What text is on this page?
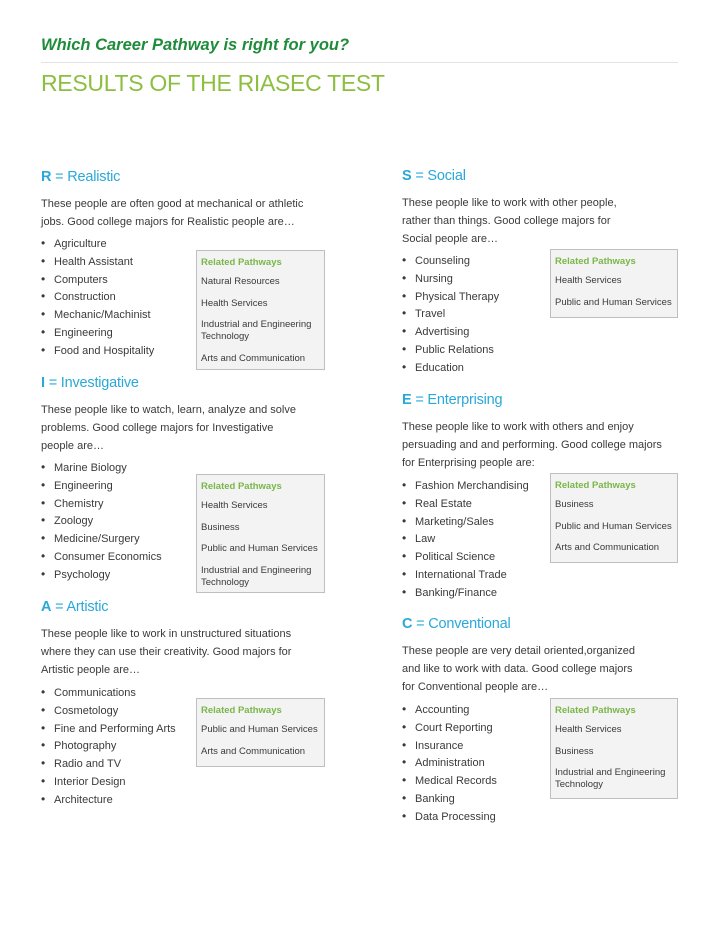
Which Career Pathway is right for you?
RESULTS OF THE RIASEC TEST
R = Realistic

These people are often good at mechanical or athletic
jobs. Good college majors for Realistic people are…

• Agriculture
• Health Assistant
• Computers
• Construction
• Mechanic/Machinist
• Engineering
• Food and Hospitality
Related Pathways
Natural Resources
Health Services
Industrial and Engineering Technology
Arts and Communication
I = Investigative

These people like to watch, learn, analyze and solve
problems. Good college majors for Investigative
people are…

• Marine Biology
• Engineering
• Chemistry
• Zoology
• Medicine/Surgery
• Consumer Economics
• Psychology
Related Pathways
Health Services
Business
Public and Human Services
Industrial and Engineering Technology
A = Artistic

These people like to work in unstructured situations
where they can use their creativity. Good majors for
Artistic people are…

• Communications
• Cosmetology
• Fine and Performing Arts
• Photography
• Radio and TV
• Interior Design
• Architecture
Related Pathways
Public and Human Services
Arts and Communication
S = Social

These people like to work with other people,
rather than things. Good college majors for
Social people are…

• Counseling
• Nursing
• Physical Therapy
• Travel
• Advertising
• Public Relations
• Education
Related Pathways
Health Services
Public and Human Services
E = Enterprising

These people like to work with others and enjoy
persuading and and performing. Good college majors
for Enterprising people are:

• Fashion Merchandising
• Real Estate
• Marketing/Sales
• Law
• Political Science
• International Trade
• Banking/Finance
Related Pathways
Business
Public and Human Services
Arts and Communication
C = Conventional

These people are very detail oriented,organized
and like to work with data. Good college majors
for Conventional people are…

• Accounting
• Court Reporting
• Insurance
• Administration
• Medical Records
• Banking
• Data Processing
Related Pathways
Health Services
Business
Industrial and Engineering Technology
